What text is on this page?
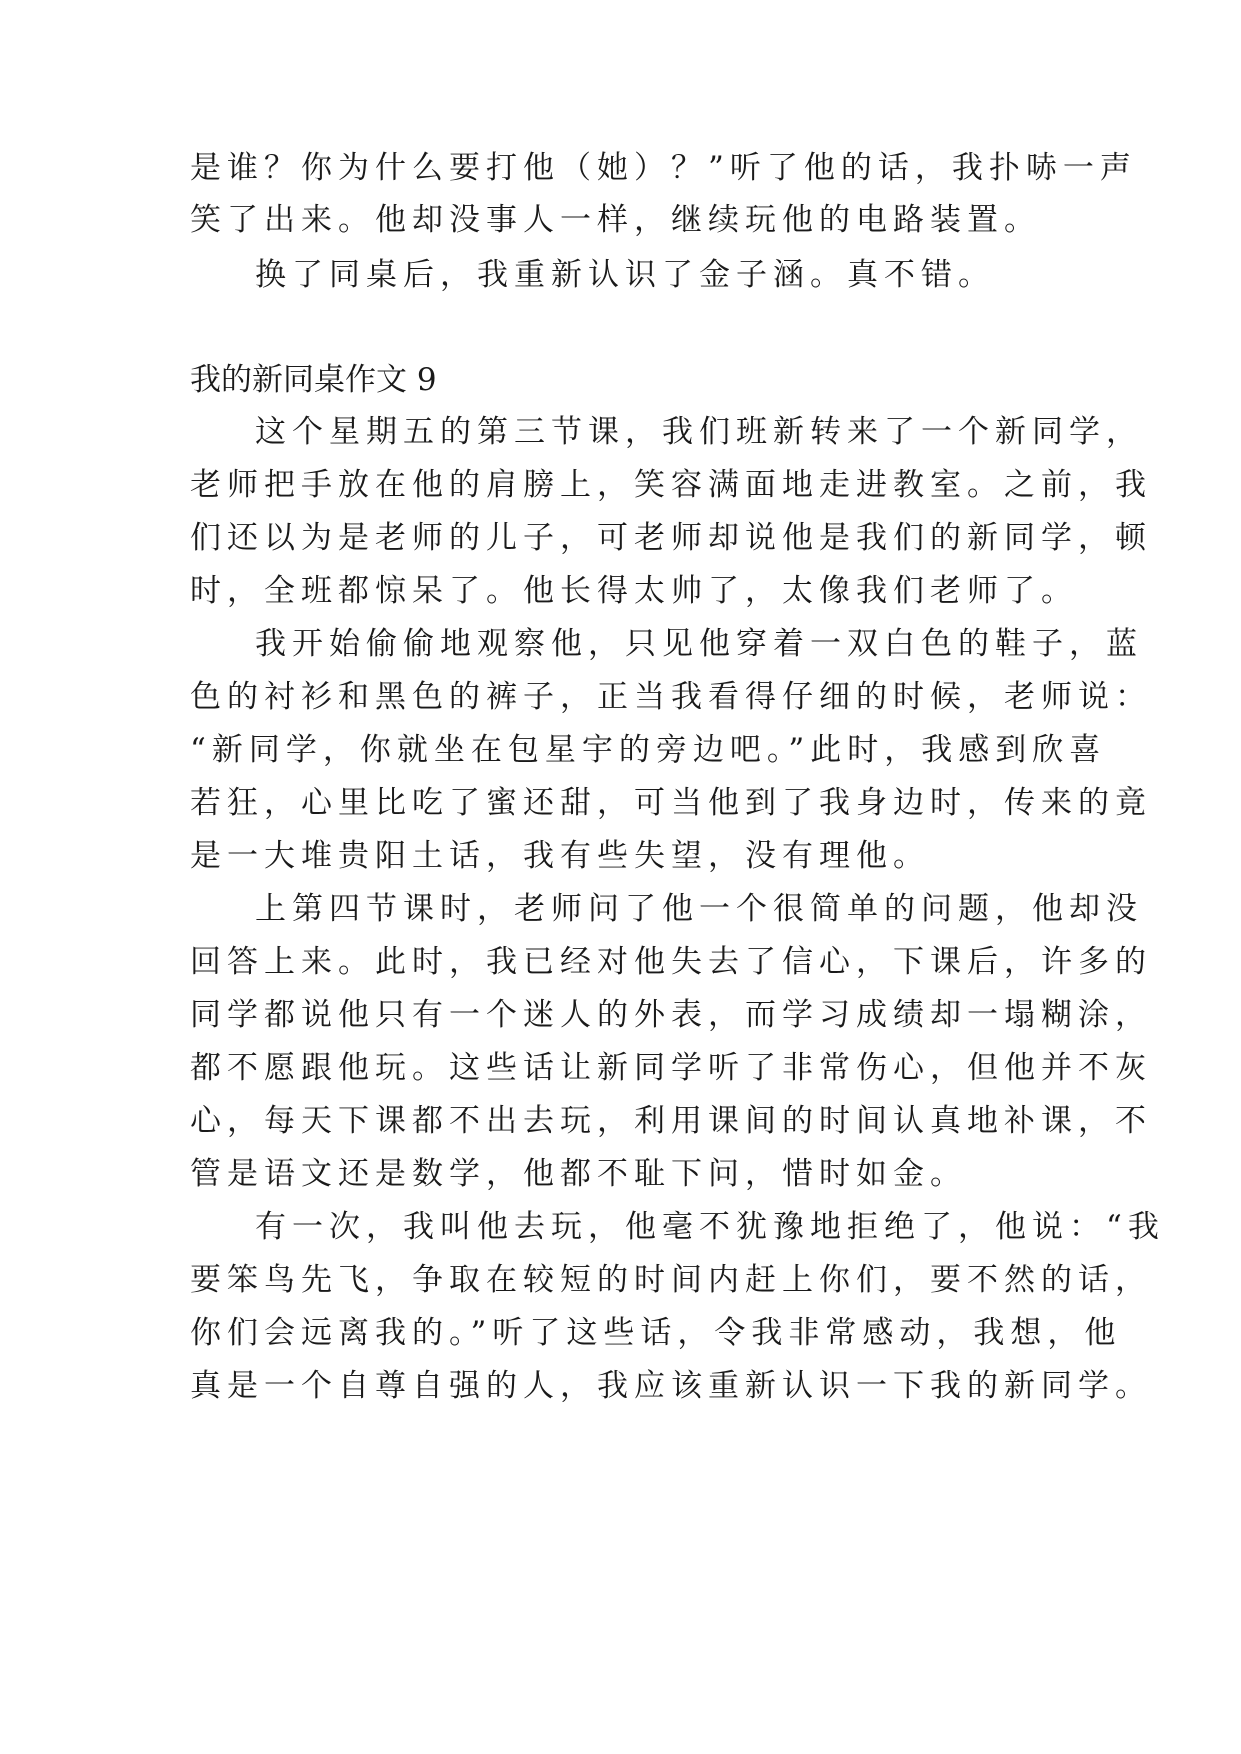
是谁？你为什么要打他（她）？”听了他的话，我扑哧一声
笑了出来。他却没事人一样，继续玩他的电路装置。
换了同桌后，我重新认识了金子涵。真不错。
我的新同桌作文 9
这个星期五的第三节课，我们班新转来了一个新同学，
老师把手放在他的肩膀上，笑容满面地走进教室。之前，我
们还以为是老师的儿子，可老师却说他是我们的新同学，顿
时，全班都惊呆了。他长得太帅了，太像我们老师了。
我开始偷偷地观察他，只见他穿着一双白色的鞋子，蓝
色的衬衫和黑色的裤子，正当我看得仔细的时候，老师说：
“新同学，你就坐在包星宇的旁边吧。”此时，我感到欣喜
若狂，心里比吃了蜜还甜，可当他到了我身边时，传来的竟
是一大堆贵阳土话，我有些失望，没有理他。
上第四节课时，老师问了他一个很简单的问题，他却没
回答上来。此时，我已经对他失去了信心，下课后，许多的
同学都说他只有一个迷人的外表，而学习成绩却一塌糊涂，
都不愿跟他玩。这些话让新同学听了非常伤心，但他并不灰
心，每天下课都不出去玩，利用课间的时间认真地补课，不
管是语文还是数学，他都不耻下问，惜时如金。
有一次，我叫他去玩，他毫不犹豫地拒绝了，他说：“我
要笨鸟先飞，争取在较短的时间内赶上你们，要不然的话，
你们会远离我的。”听了这些话，令我非常感动，我想，他
真是一个自尊自强的人，我应该重新认识一下我的新同学。
